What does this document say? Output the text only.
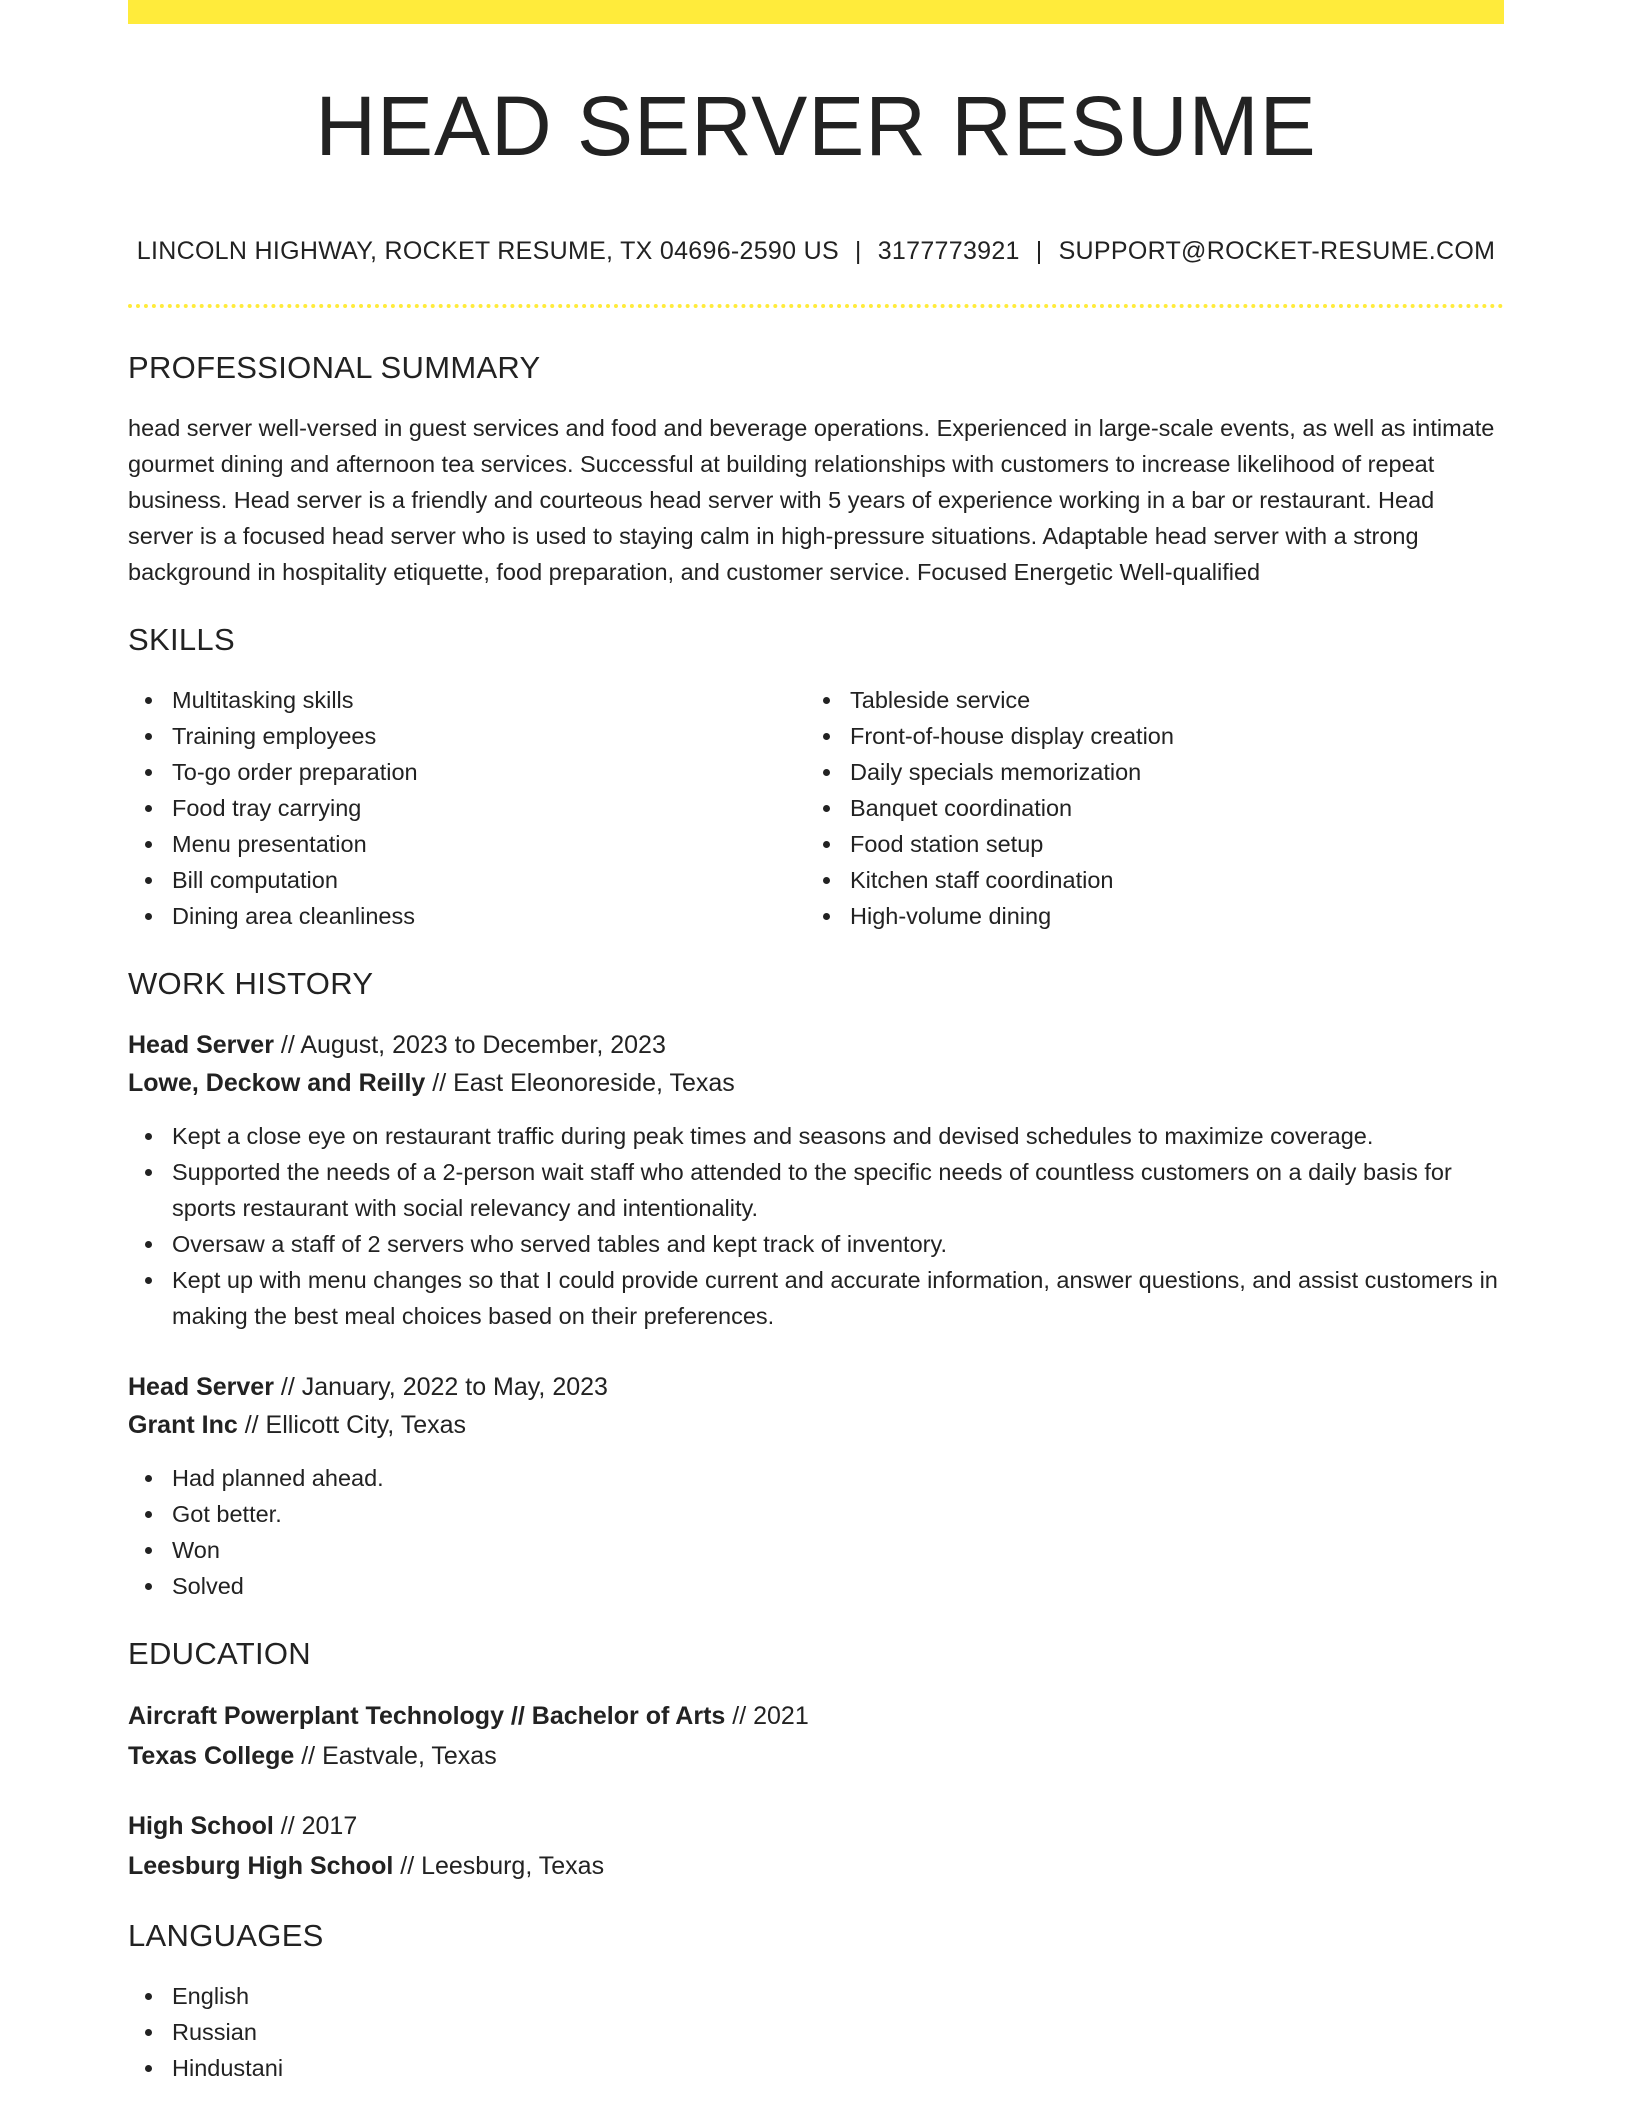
HEAD SERVER RESUME
LINCOLN HIGHWAY, ROCKET RESUME, TX 04696-2590 US | 3177773921 | SUPPORT@ROCKET-RESUME.COM
PROFESSIONAL SUMMARY

head server well-versed in guest services and food and beverage operations. Experienced in large-scale events, as well as intimate gourmet dining and afternoon tea services. Successful at building relationships with customers to increase likelihood of repeat business. Head server is a friendly and courteous head server with 5 years of experience working in a bar or restaurant. Head server is a focused head server who is used to staying calm in high-pressure situations. Adaptable head server with a strong background in hospitality etiquette, food preparation, and customer service. Focused Energetic Well-qualified

SKILLS
Multitasking skills
Training employees
To-go order preparation
Food tray carrying
Menu presentation
Bill computation
Dining area cleanliness
Tableside service
Front-of-house display creation
Daily specials memorization
Banquet coordination
Food station setup
Kitchen staff coordination
High-volume dining
WORK HISTORY
Head Server // August, 2023 to December, 2023
Lowe, Deckow and Reilly // East Eleonoreside, Texas
Kept a close eye on restaurant traffic during peak times and seasons and devised schedules to maximize coverage.
Supported the needs of a 2-person wait staff who attended to the specific needs of countless customers on a daily basis for sports restaurant with social relevancy and intentionality.
Oversaw a staff of 2 servers who served tables and kept track of inventory.
Kept up with menu changes so that I could provide current and accurate information, answer questions, and assist customers in making the best meal choices based on their preferences.
Head Server // January, 2022 to May, 2023
Grant Inc // Ellicott City, Texas
Had planned ahead.
Got better.
Won
Solved
EDUCATION
Aircraft Powerplant Technology // Bachelor of Arts // 2021
Texas College // Eastvale, Texas
High School // 2017
Leesburg High School // Leesburg, Texas
LANGUAGES
English
Russian
Hindustani
